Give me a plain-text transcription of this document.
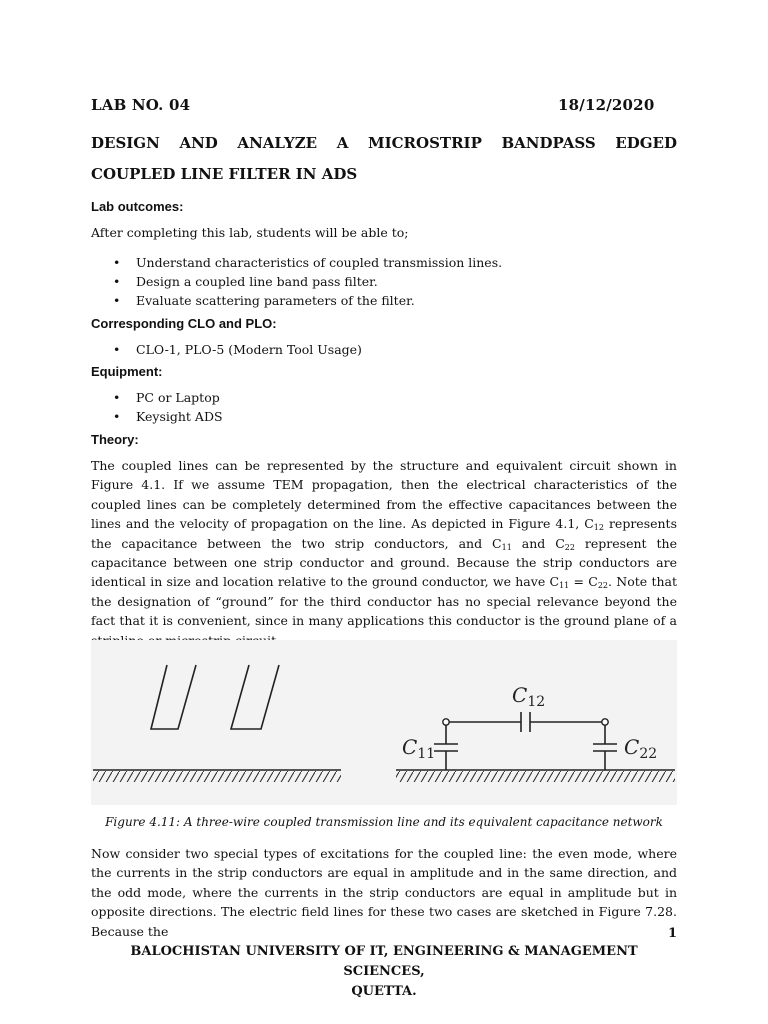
LAB NO. 04	18/12/2020
DESIGN AND ANALYZE A MICROSTRIP BANDPASS EDGED
COUPLED LINE FILTER IN ADS
Lab outcomes:
After completing this lab, students will be able to;
• Understand characteristics of coupled transmission lines.
• Design a coupled line band pass filter.
• Evaluate scattering parameters of the filter.
Corresponding CLO and PLO:
• CLO-1, PLO-5 (Modern Tool Usage)
Equipment:
• PC or Laptop
• Keysight ADS
Theory:
The coupled lines can be represented by the structure and equivalent circuit shown in Figure 4.1. If we assume TEM propagation, then the electrical characteristics of the coupled lines can be completely determined from the effective capacitances between the lines and the velocity of propagation on the line. As depicted in Figure 4.1, $C_{12}$ represents the capacitance between the two strip conductors, and $C_{11}$ and $C_{22}$ represent the capacitance between one strip conductor and ground. Because the strip conductors are identical in size and location relative to the ground conductor, we have $C_{11} = C_{22}$. Note that the designation of “ground” for the third conductor has no special relevance beyond the fact that it is convenient, since in many applications this conductor is the ground plane of a
$C_{12}$
$C_{11}$	$C_{22}$
Figure 4.11: A three-wire coupled transmission line and its equivalent capacitance network
Now consider two special types of excitations for the coupled line: the even mode, where the currents in the strip conductors are equal in amplitude and in the same direction, and the odd mode, where the currents in the strip conductors are equal in amplitude but in opposite directions. The electric field lines for these two cases are sketched in Figure 7.28. Because the	1
BALOCHISTAN UNIVERSITY OF IT, ENGINEERING & MANAGEMENT SCIENCES,
QUETTA.
